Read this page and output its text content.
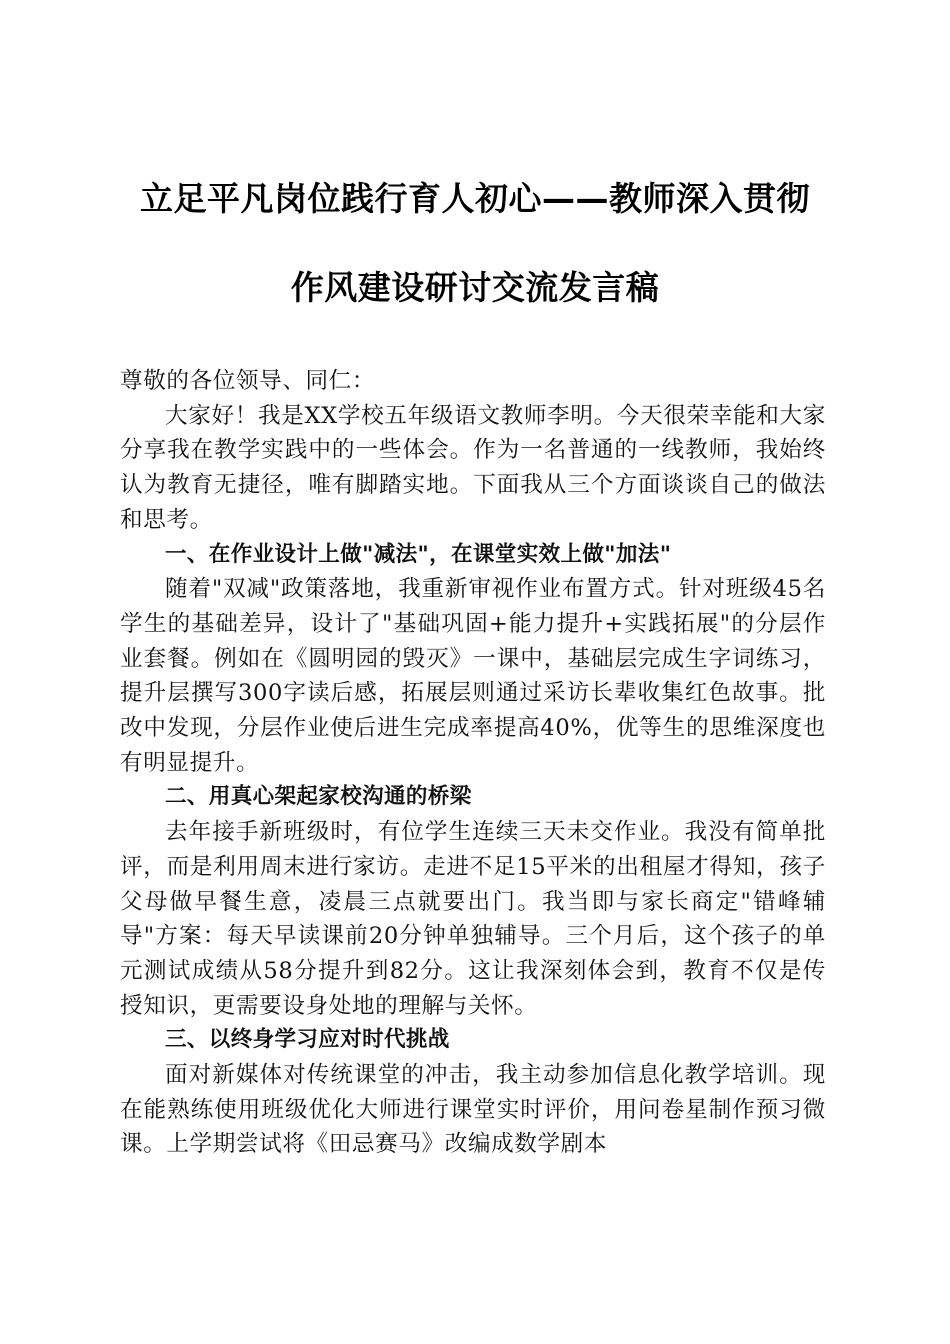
立足平凡岗位践行育人初心——教师深入贯彻
作风建设研讨交流发言稿

尊敬的各位领导、同仁：

大家好！我是XX学校五年级语文教师李明。今天很荣幸能和大家分享我在教学实践中的一些体会。作为一名普通的一线教师，我始终认为教育无捷径，唯有脚踏实地。下面我从三个方面谈谈自己的做法和思考。

一、在作业设计上做"减法"，在课堂实效上做"加法"

随着"双减"政策落地，我重新审视作业布置方式。针对班级45名学生的基础差异，设计了"基础巩固+能力提升+实践拓展"的分层作业套餐。例如在《圆明园的毁灭》一课中，基础层完成生字词练习，提升层撰写300字读后感，拓展层则通过采访长辈收集红色故事。批改中发现，分层作业使后进生完成率提高40%，优等生的思维深度也有明显提升。

二、用真心架起家校沟通的桥梁

去年接手新班级时，有位学生连续三天未交作业。我没有简单批评，而是利用周末进行家访。走进不足15平米的出租屋才得知，孩子父母做早餐生意，凌晨三点就要出门。我当即与家长商定"错峰辅导"方案：每天早读课前20分钟单独辅导。三个月后，这个孩子的单元测试成绩从58分提升到82分。这让我深刻体会到，教育不仅是传授知识，更需要设身处地的理解与关怀。

三、以终身学习应对时代挑战

面对新媒体对传统课堂的冲击，我主动参加信息化教学培训。现在能熟练使用班级优化大师进行课堂实时评价，用问卷星制作预习微课。上学期尝试将《田忌赛马》改编成数学剧本
